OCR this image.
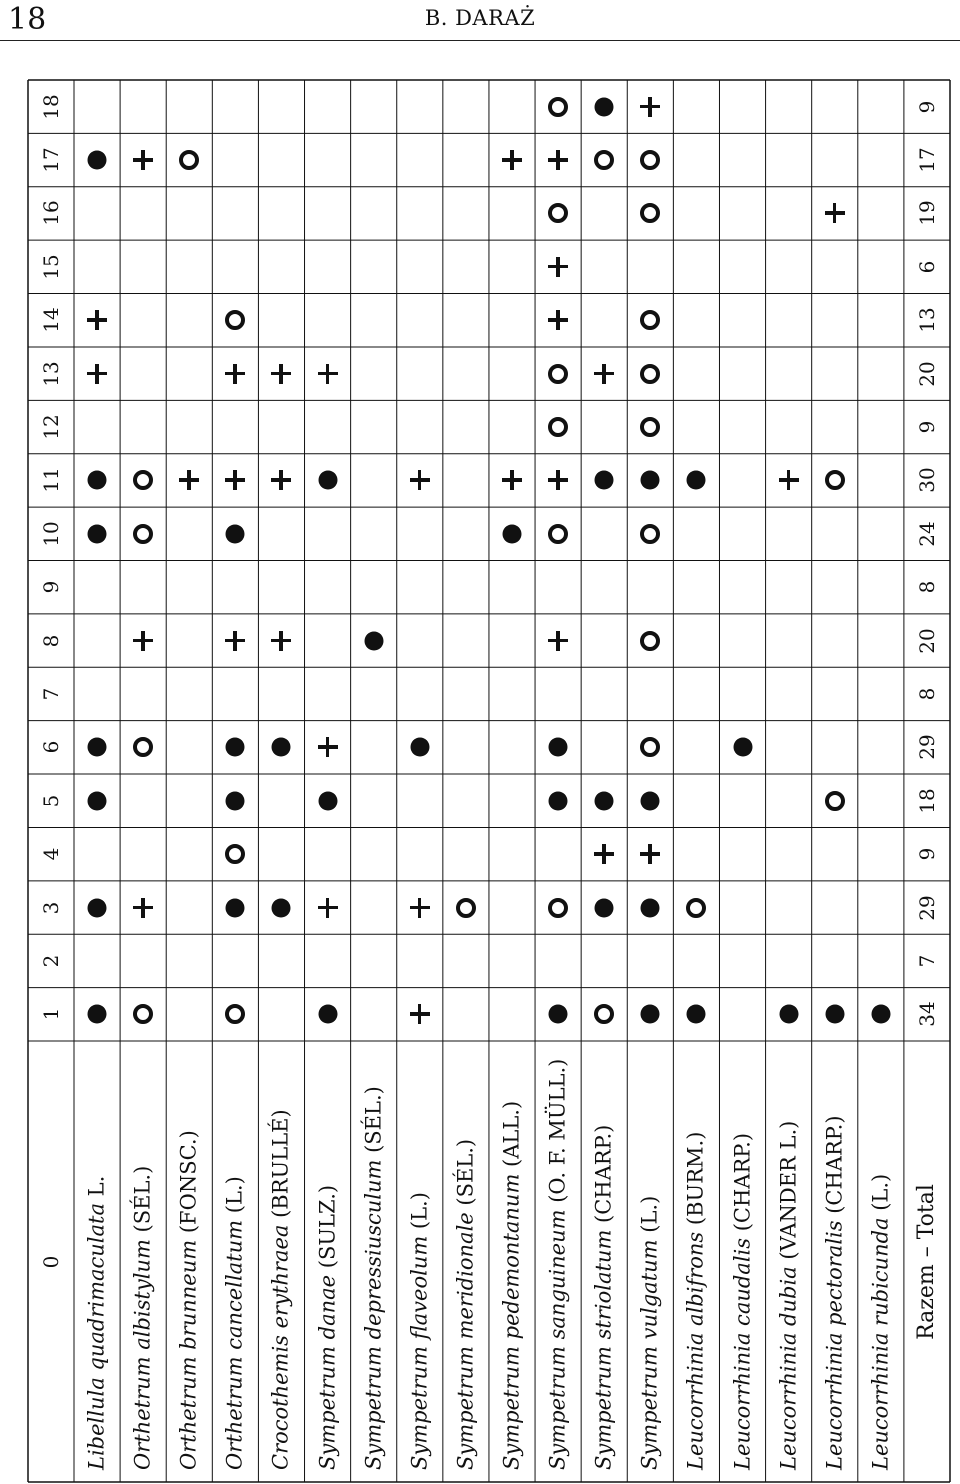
18	B. DARAŻ
0
1
2
3
4
5
6
7
8
9
10
11
12
13
14
15
16
17
18
Libellula quadrimaculata L.
Orthetrum albistylum (SÉL.)
Orthetrum brunneum (FONSC.)
Orthetrum cancellatum (L.)
Crocothemis erythraea (BRULLÉ)
Sympetrum danae (SULZ.) Sympetrum depressiusculum (SÉL.)
Sympetrum flaveolum (L.) Sympetrum meridionale (SÉL.) Sympetrum pedemontanum (ALL.)
Sympetrum sanguineum (O. F. MÜLL.)
Sympetrum striolatum (CHARP.)
Sympetrum vulgatum (L.)
Leucorrhinia albifrons (BURM.)
Leucorrhinia caudalis (CHARP.)
Leucorrhinia dubia (VANDER L.)
Leucorrhinia pectoralis (CHARP.)
Leucorrhinia rubicunda (L.) Razem – Total
34
7
29
9
18
29
8
20
8
24
30
9
20
13
6
19
17
9
